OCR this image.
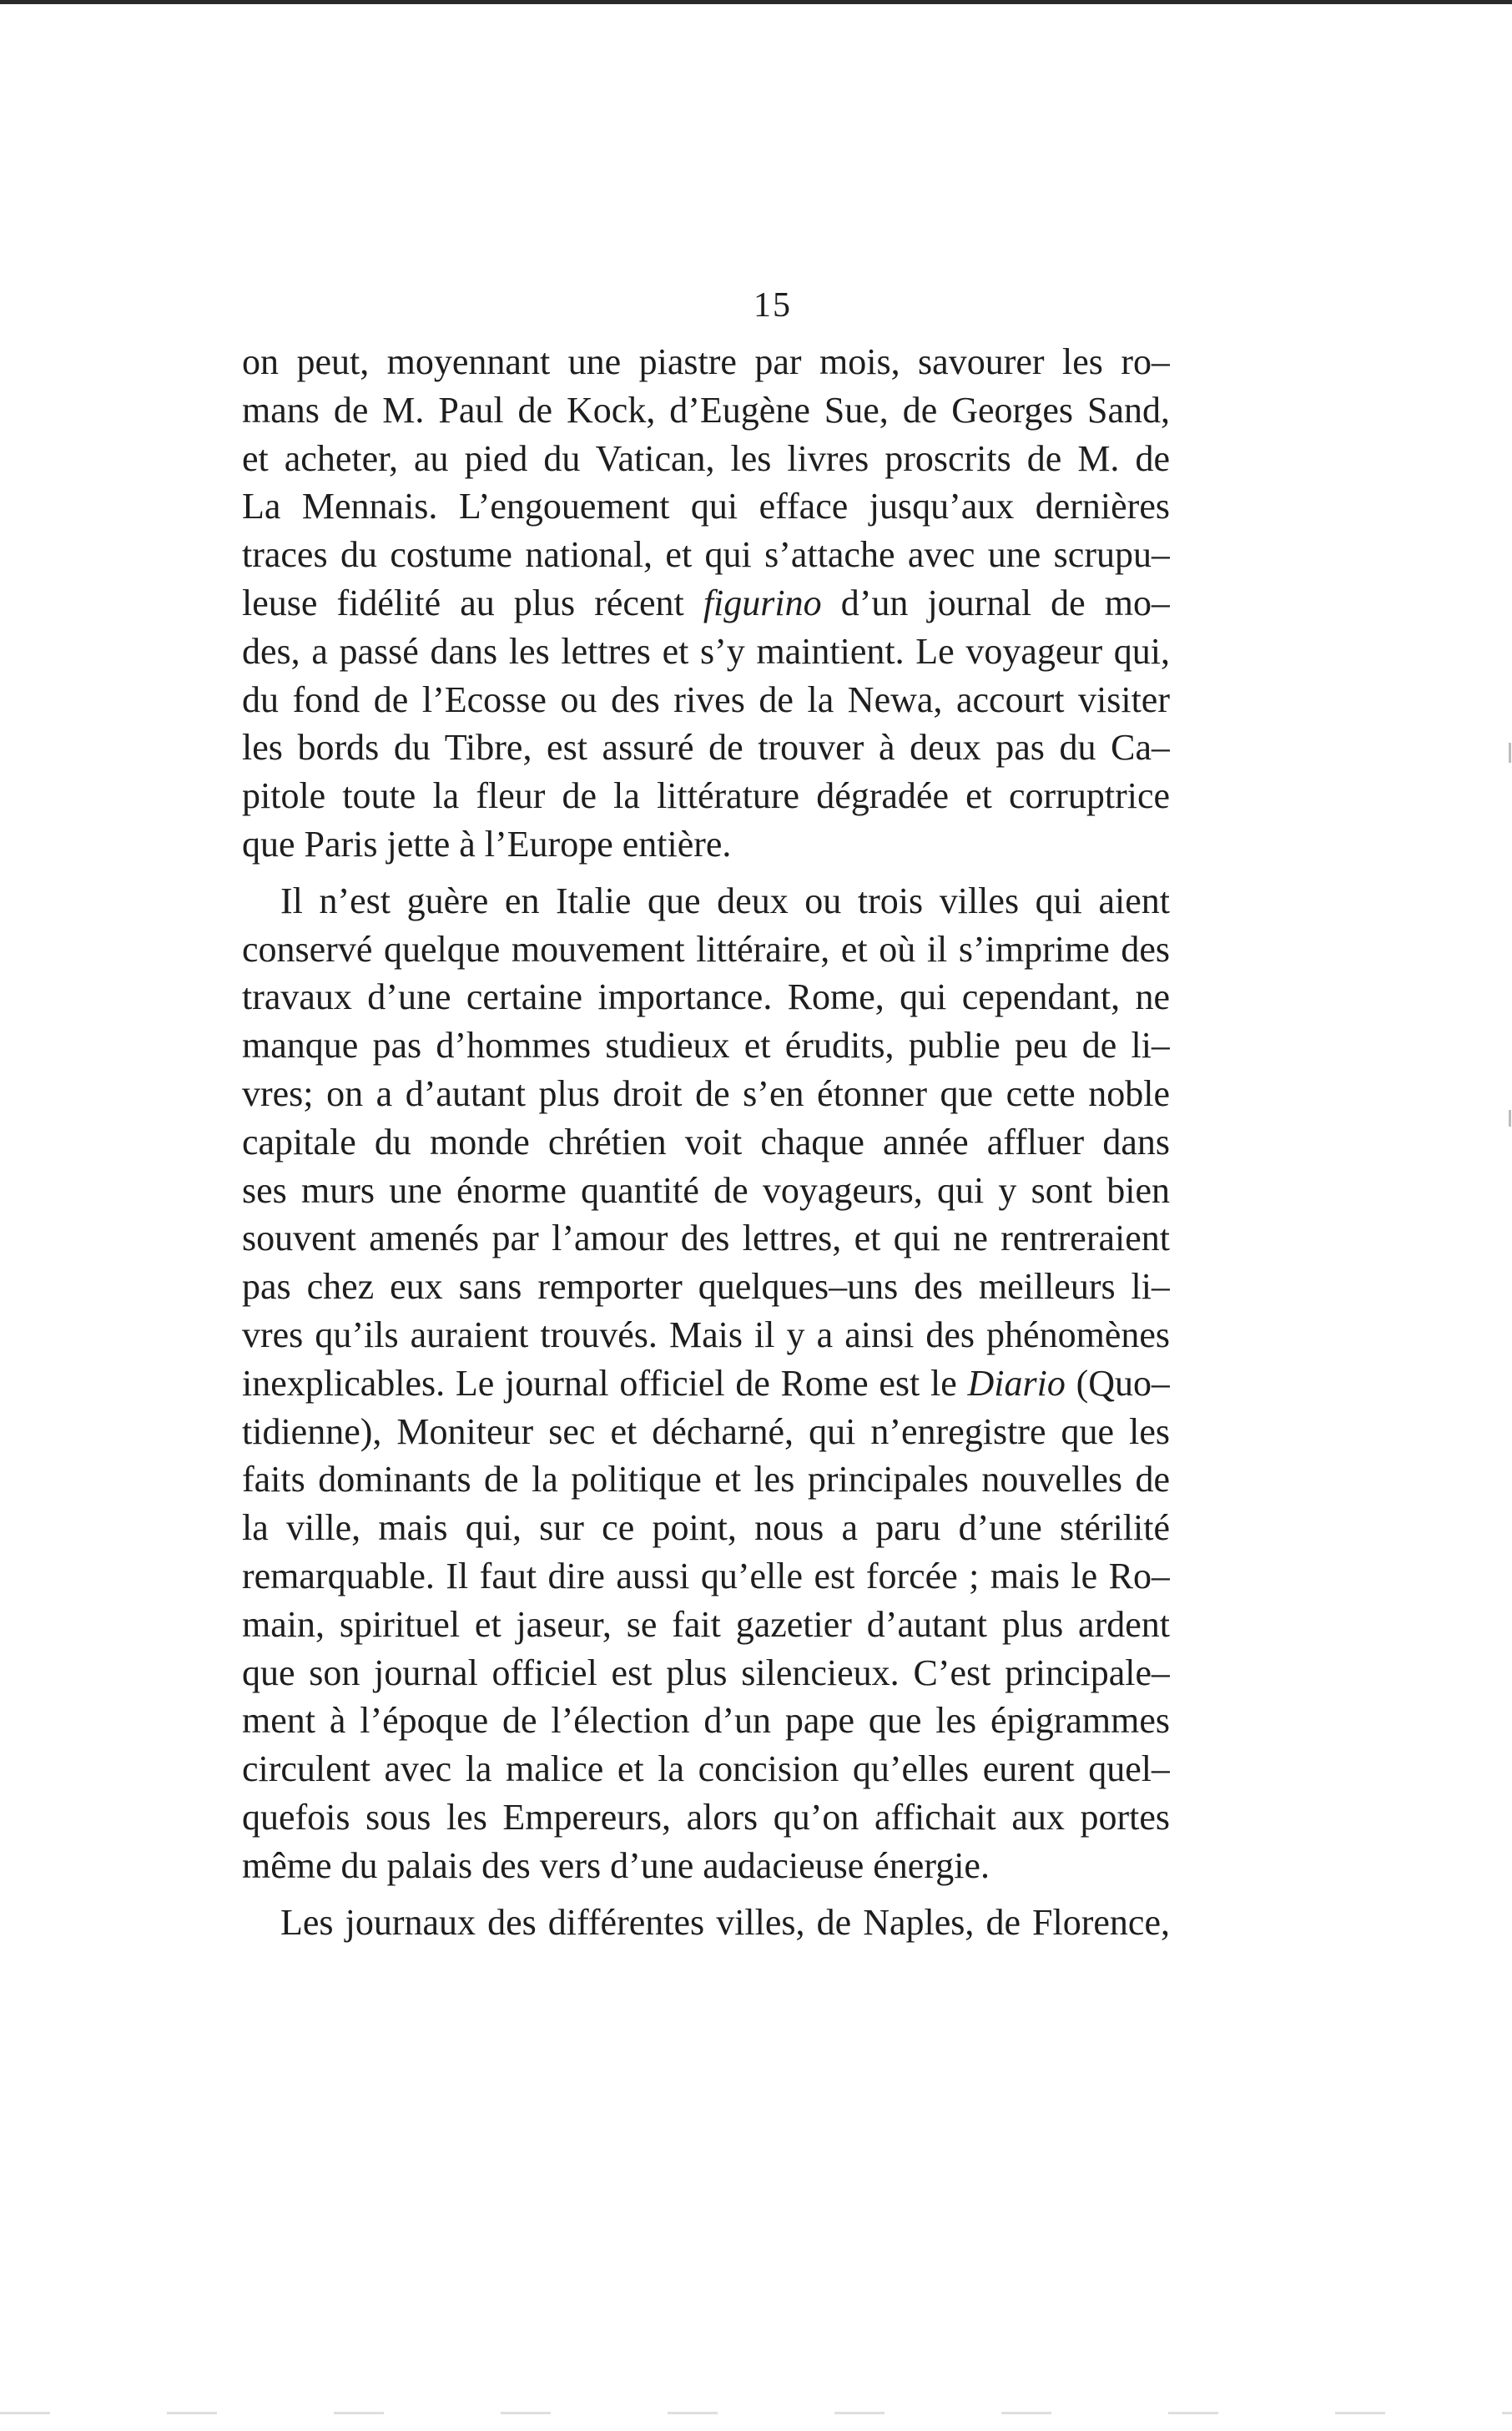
15
on peut, moyennant une piastre par mois, savourer les ro–
mans de M. Paul de Kock, d’Eugène Sue, de Georges Sand,
et acheter, au pied du Vatican, les livres proscrits de M. de
La Mennais. L’engouement qui efface jusqu’aux dernières
traces du costume national, et qui s’attache avec une scrupu–
leuse fidélité au plus récent figurino d’un journal de mo–
des, a passé dans les lettres et s’y maintient. Le voyageur qui,
du fond de l’Ecosse ou des rives de la Newa, accourt visiter
les bords du Tibre, est assuré de trouver à deux pas du Ca–
pitole toute la fleur de la littérature dégradée et corruptrice
que Paris jette à l’Europe entière.
Il n’est guère en Italie que deux ou trois villes qui aient
conservé quelque mouvement littéraire, et où il s’imprime des
travaux d’une certaine importance. Rome, qui cependant, ne
manque pas d’hommes studieux et érudits, publie peu de li–
vres; on a d’autant plus droit de s’en étonner que cette noble
capitale du monde chrétien voit chaque année affluer dans
ses murs une énorme quantité de voyageurs, qui y sont bien
souvent amenés par l’amour des lettres, et qui ne rentreraient
pas chez eux sans remporter quelques–uns des meilleurs li–
vres qu’ils auraient trouvés. Mais il y a ainsi des phénomènes
inexplicables. Le journal officiel de Rome est le Diario (Quo–
tidienne), Moniteur sec et décharné, qui n’enregistre que les
faits dominants de la politique et les principales nouvelles de
la ville, mais qui, sur ce point, nous a paru d’une stérilité
remarquable. Il faut dire aussi qu’elle est forcée ; mais le Ro–
main, spirituel et jaseur, se fait gazetier d’autant plus ardent
que son journal officiel est plus silencieux. C’est principale–
ment à l’époque de l’élection d’un pape que les épigrammes
circulent avec la malice et la concision qu’elles eurent quel–
quefois sous les Empereurs, alors qu’on affichait aux portes
même du palais des vers d’une audacieuse énergie.
Les journaux des différentes villes, de Naples, de Florence,
